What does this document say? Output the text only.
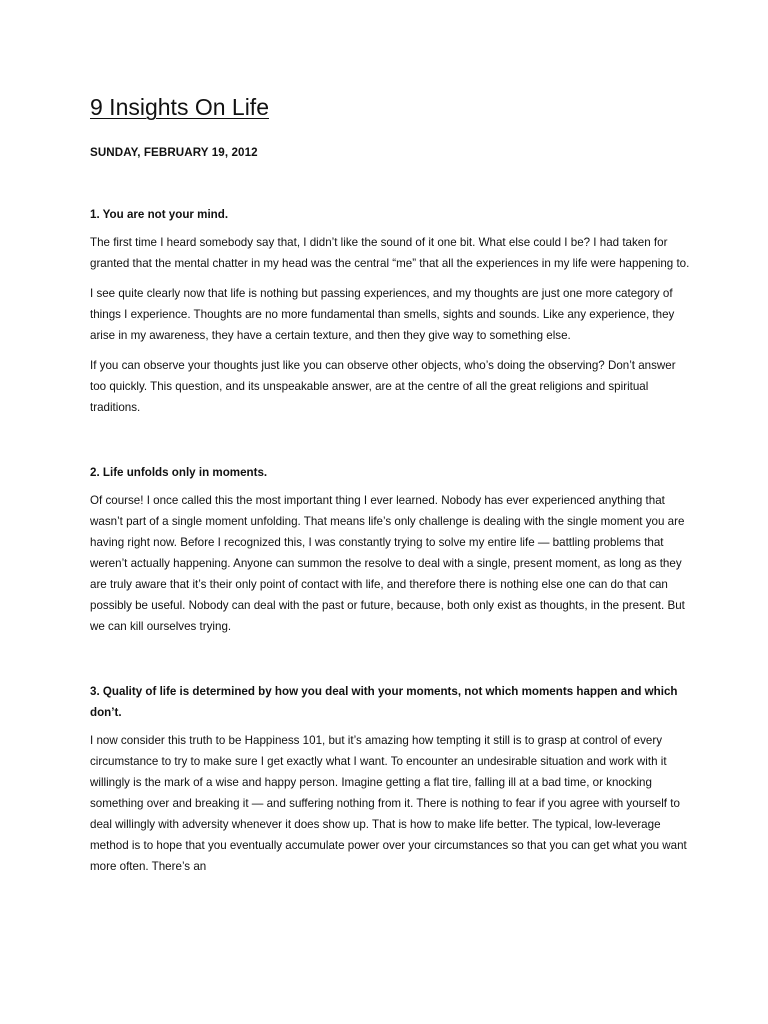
9 Insights On Life
SUNDAY, FEBRUARY 19, 2012
1. You are not your mind.

The first time I heard somebody say that, I didn’t like the sound of it one bit. What else could I be? I had taken for granted that the mental chatter in my head was the central “me” that all the experiences in my life were happening to.

I see quite clearly now that life is nothing but passing experiences, and my thoughts are just one more category of things I experience. Thoughts are no more fundamental than smells, sights and sounds. Like any experience, they arise in my awareness, they have a certain texture, and then they give way to something else.

If you can observe your thoughts just like you can observe other objects, who’s doing the observing? Don’t answer too quickly. This question, and its unspeakable answer, are at the centre of all the great religions and spiritual traditions.

2. Life unfolds only in moments.

Of course! I once called this the most important thing I ever learned. Nobody has ever experienced anything that wasn’t part of a single moment unfolding. That means life’s only challenge is dealing with the single moment you are having right now. Before I recognized this, I was constantly trying to solve my entire life — battling problems that weren’t actually happening. Anyone can summon the resolve to deal with a single, present moment, as long as they are truly aware that it’s their only point of contact with life, and therefore there is nothing else one can do that can possibly be useful. Nobody can deal with the past or future, because, both only exist as thoughts, in the present. But we can kill ourselves trying.

3. Quality of life is determined by how you deal with your moments, not which moments happen and which don’t.

I now consider this truth to be Happiness 101, but it’s amazing how tempting it still is to grasp at control of every circumstance to try to make sure I get exactly what I want. To encounter an undesirable situation and work with it willingly is the mark of a wise and happy person. Imagine getting a flat tire, falling ill at a bad time, or knocking something over and breaking it — and suffering nothing from it. There is nothing to fear if you agree with yourself to deal willingly with adversity whenever it does show up. That is how to make life better. The typical, low-leverage method is to hope that you eventually accumulate power over your circumstances so that you can get what you want more often. There’s an
